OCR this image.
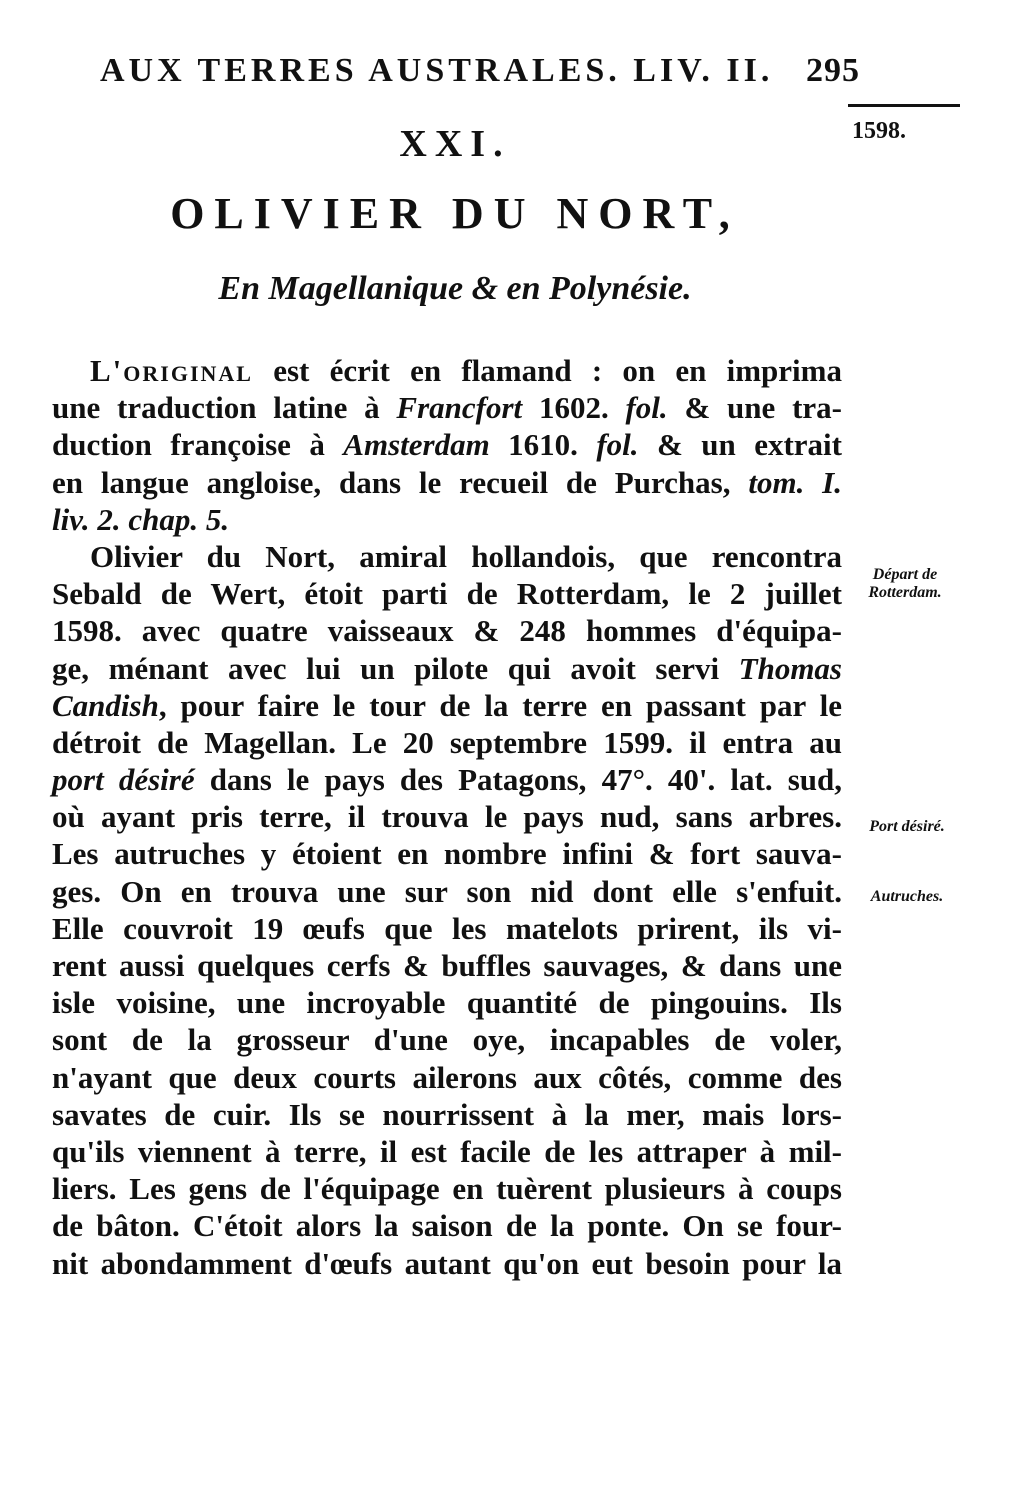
AUX TERRES AUSTRALES. LIV. II. 295
1598.
XXI.
OLIVIER DU NORT,
En Magellanique & en Polynésie.
Départ de Rotterdam.
Port désiré.
Autruches.
L'original est écrit en flamand : on en imprima
une traduction latine à Francfort 1602. fol. & une tra-
duction françoise à Amsterdam 1610. fol. & un extrait
en langue angloise, dans le recueil de Purchas, tom. I.
liv. 2. chap. 5.
Olivier du Nort, amiral hollandois, que rencontra
Sebald de Wert, étoit parti de Rotterdam, le 2 juillet
1598. avec quatre vaisseaux & 248 hommes d'équipa-
ge, ménant avec lui un pilote qui avoit servi Thomas
Candish, pour faire le tour de la terre en passant par le
détroit de Magellan. Le 20 septembre 1599. il entra au
port désiré dans le pays des Patagons, 47°. 40'. lat. sud,
où ayant pris terre, il trouva le pays nud, sans arbres.
Les autruches y étoient en nombre infini & fort sauva-
ges. On en trouva une sur son nid dont elle s'enfuit.
Elle couvroit 19 œufs que les matelots prirent, ils vi-
rent aussi quelques cerfs & buffles sauvages, & dans une
isle voisine, une incroyable quantité de pingouins. Ils
sont de la grosseur d'une oye, incapables de voler,
n'ayant que deux courts ailerons aux côtés, comme des
savates de cuir. Ils se nourrissent à la mer, mais lors-
qu'ils viennent à terre, il est facile de les attraper à mil-
liers. Les gens de l'équipage en tuèrent plusieurs à coups
de bâton. C'étoit alors la saison de la ponte. On se four-
nit abondamment d'œufs autant qu'on eut besoin pour la
